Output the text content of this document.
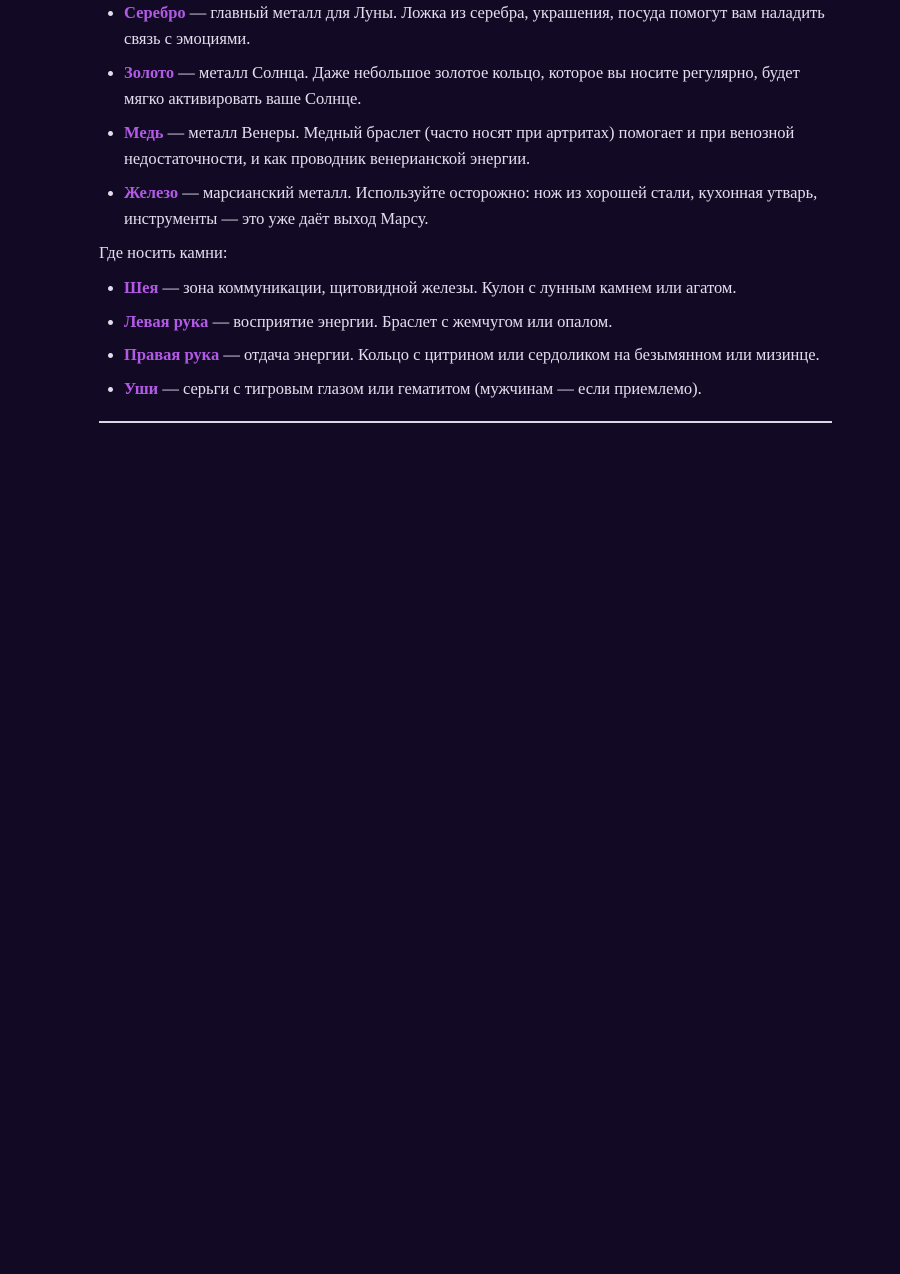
Серебро — главный металл для Луны. Ложка из серебра, украшения, посуда помогут вам наладить связь с эмоциями.
Золото — металл Солнца. Даже небольшое золотое кольцо, которое вы носите регулярно, будет мягко активировать ваше Солнце.
Медь — металл Венеры. Медный браслет (часто носят при артритах) помогает и при венозной недостаточности, и как проводник венерианской энергии.
Железо — марсианский металл. Используйте осторожно: нож из хорошей стали, кухонная утварь, инструменты — это уже даёт выход Марсу.

Где носить камни:

Шея — зона коммуникации, щитовидной железы. Кулон с лунным камнем или агатом.
Левая рука — восприятие энергии. Браслет с жемчугом или опалом.
Правая рука — отдача энергии. Кольцо с цитрином или сердоликом на безымянном или мизинце.
Уши — серьги с тигровым глазом или гематитом (мужчинам — если приемлемо).
